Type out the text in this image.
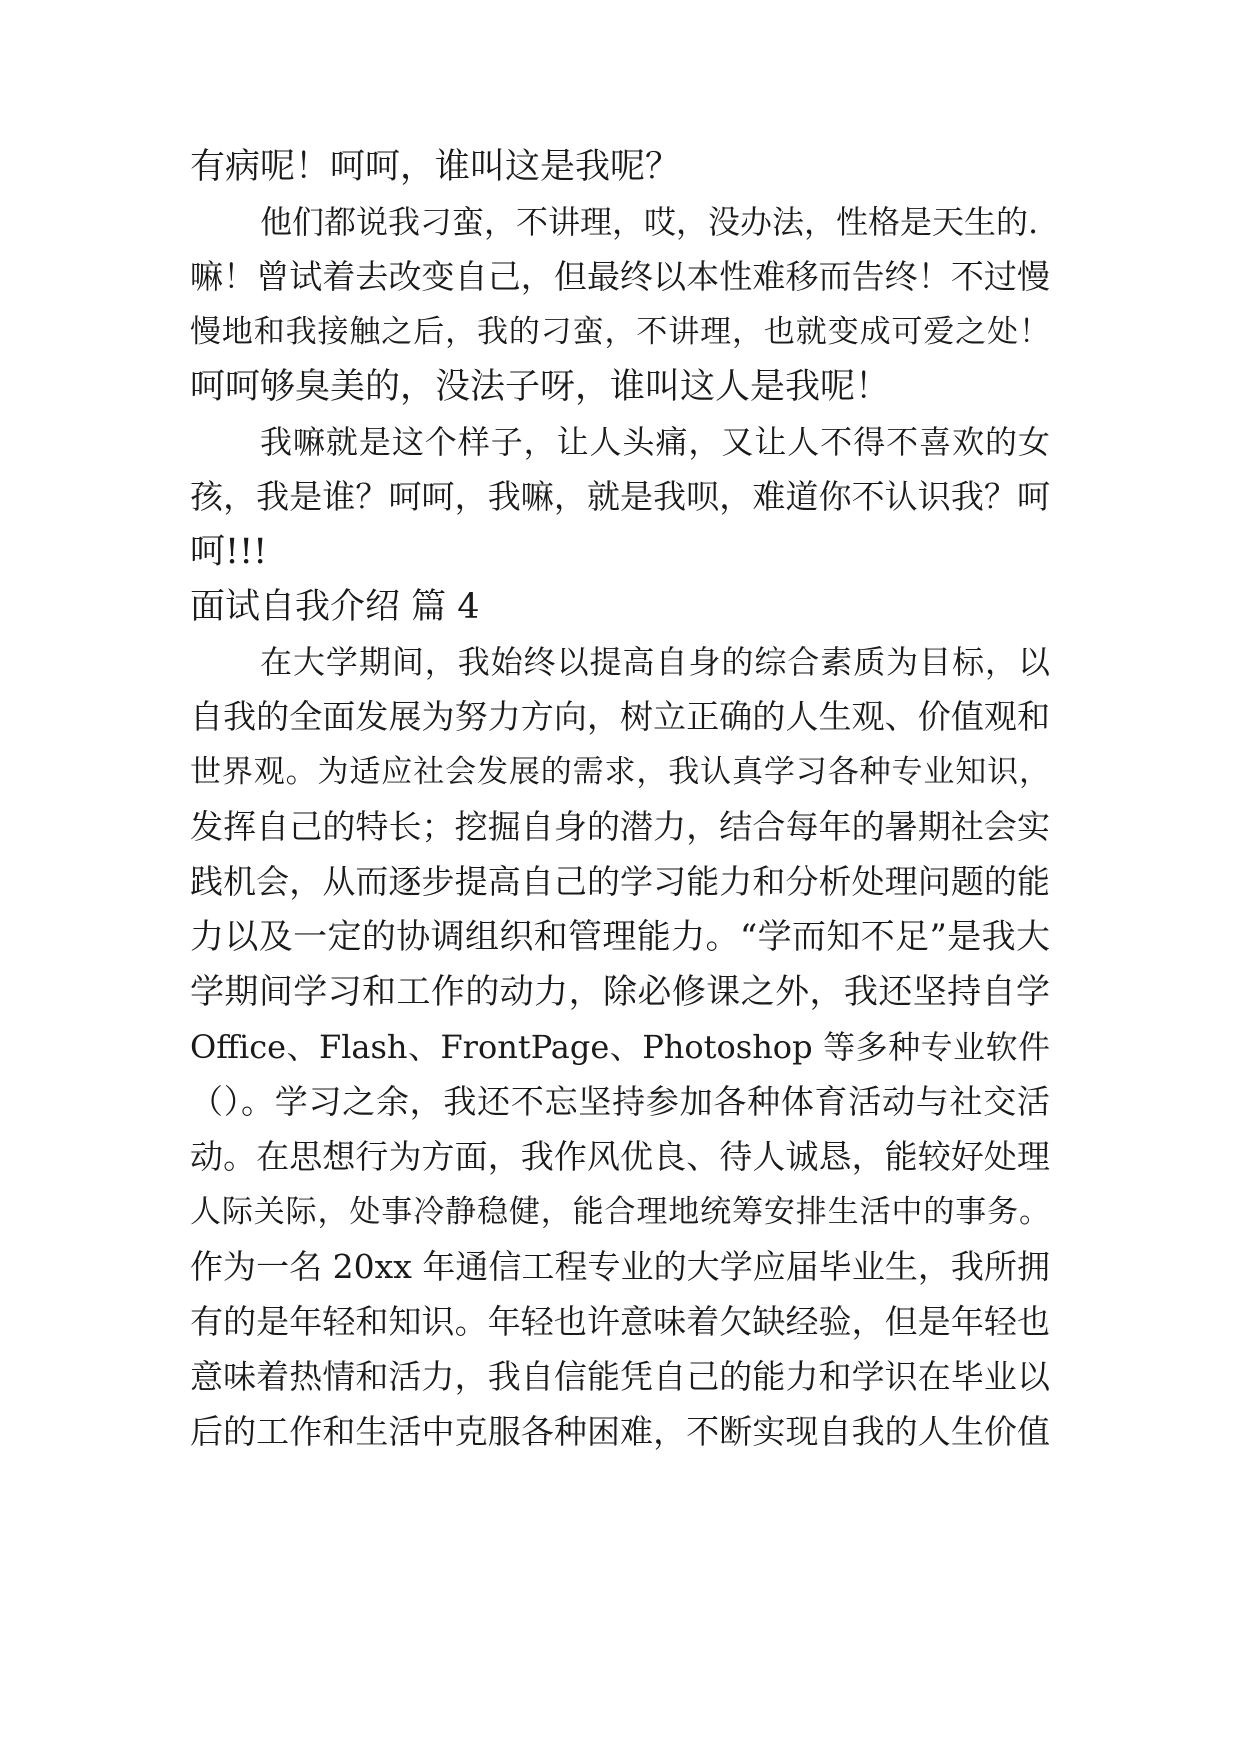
有病呢！呵呵，谁叫这是我呢？
他们都说我刁蛮，不讲理，哎，没办法，性格是天生的.
嘛！曾试着去改变自己，但最终以本性难移而告终！不过慢
慢地和我接触之后，我的刁蛮，不讲理，也就变成可爱之处！
呵呵够臭美的，没法子呀，谁叫这人是我呢！
我嘛就是这个样子，让人头痛，又让人不得不喜欢的女
孩，我是谁？呵呵，我嘛，就是我呗，难道你不认识我？呵
呵!!!
面试自我介绍 篇 4
在大学期间，我始终以提高自身的综合素质为目标，以
自我的全面发展为努力方向，树立正确的人生观、价值观和
世界观。为适应社会发展的需求，我认真学习各种专业知识，
发挥自己的特长；挖掘自身的潜力，结合每年的暑期社会实
践机会，从而逐步提高自己的学习能力和分析处理问题的能
力以及一定的协调组织和管理能力。“学而知不足”是我大
学期间学习和工作的动力，除必修课之外，我还坚持自学
Office、Flash、FrontPage、Photoshop 等多种专业软件
（）。学习之余，我还不忘坚持参加各种体育活动与社交活
动。在思想行为方面，我作风优良、待人诚恳，能较好处理
人际关际，处事冷静稳健，能合理地统筹安排生活中的事务。
作为一名 20xx 年通信工程专业的大学应届毕业生，我所拥
有的是年轻和知识。年轻也许意味着欠缺经验，但是年轻也
意味着热情和活力，我自信能凭自己的能力和学识在毕业以
后的工作和生活中克服各种困难，不断实现自我的人生价值
